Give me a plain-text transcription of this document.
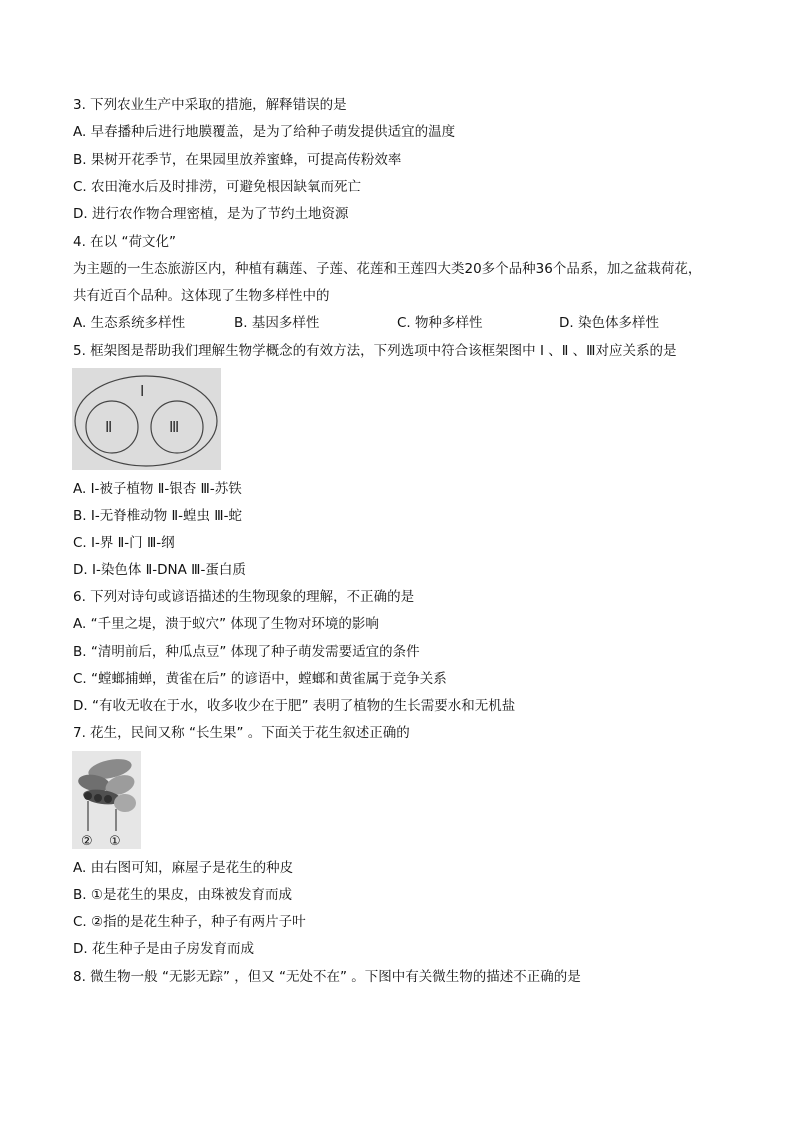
3. 下列农业生产中采取的措施，解释错误的是
A. 早春播种后进行地膜覆盖，是为了给种子萌发提供适宜的温度
B. 果树开花季节，在果园里放养蜜蜂，可提高传粉效率
C. 农田淹水后及时排涝，可避免根因缺氧而死亡
D. 进行农作物合理密植，是为了节约土地资源
4. 在以 “荷文化”
为主题的一生态旅游区内，种植有藕莲、子莲、花莲和王莲四大类20多个品种36个品系，加之盆栽荷花，
共有近百个品种。这体现了生物多样性中的
A. 生态系统多样性	B. 基因多样性	C. 物种多样性	D. 染色体多样性
5. 框架图是帮助我们理解生物学概念的有效方法，下列选项中符合该框架图中 Ⅰ 、Ⅱ 、Ⅲ对应关系的是
Ⅰ
Ⅱ	Ⅲ
A. Ⅰ-被子植物 Ⅱ-银杏 Ⅲ-苏铁
B. Ⅰ-无脊椎动物 Ⅱ-蝗虫 Ⅲ-蛇
C. Ⅰ-界 Ⅱ-门 Ⅲ-纲
D. Ⅰ-染色体 Ⅱ-DNA Ⅲ-蛋白质
6. 下列对诗句或谚语描述的生物现象的理解，不正确的是
A. “千里之堤，溃于蚁穴” 体现了生物对环境的影响
B. “清明前后，种瓜点豆” 体现了种子萌发需要适宜的条件
C. “螳螂捕蝉，黄雀在后” 的谚语中，螳螂和黄雀属于竞争关系
D. “有收无收在于水，收多收少在于肥” 表明了植物的生长需要水和无机盐
7. 花生，民间又称 “长生果” 。下面关于花生叙述正确的
② ①
A. 由右图可知，麻屋子是花生的种皮
B. ①是花生的果皮，由珠被发育而成
C. ②指的是花生种子，种子有两片子叶
D. 花生种子是由子房发育而成
8. 微生物一般 “无影无踪” ，但又 “无处不在” 。下图中有关微生物的描述不正确的是
